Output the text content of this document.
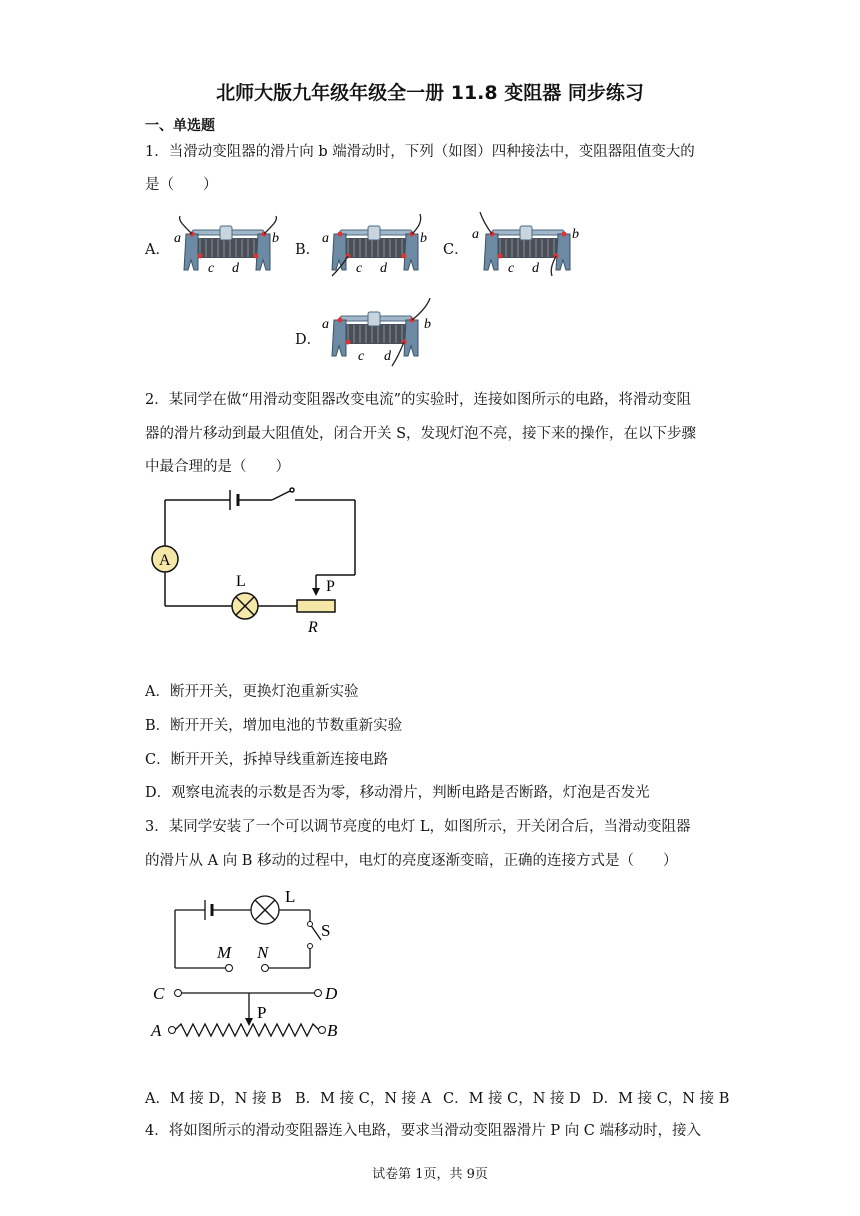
北师大版九年级年级全一册 11.8 变阻器 同步练习
一、单选题
1．当滑动变阻器的滑片向 b 端滑动时，下列（如图）四种接法中，变阻器阻值变大的
是（　　）
A．	B．	C．
D．
a	b
c d
a	b
c d
a	b
c d
a	b
c d
2．某同学在做“用滑动变阻器改变电流”的实验时，连接如图所示的电路，将滑动变阻
器的滑片移动到最大阻值处，闭合开关 S，发现灯泡不亮，接下来的操作，在以下步骤
中最合理的是（　　）
A
L	P
R
A．断开开关，更换灯泡重新实验
B．断开开关，增加电池的节数重新实验
C．断开开关，拆掉导线重新连接电路
D．观察电流表的示数是否为零，移动滑片，判断电路是否断路，灯泡是否发光
3．某同学安装了一个可以调节亮度的电灯 L，如图所示，开关闭合后，当滑动变阻器
的滑片从 A 向 B 移动的过程中，电灯的亮度逐渐变暗，正确的连接方式是（　　）
L
S
M N
C	D
P
A	B
A．M 接 D，N 接 B B．M 接 C，N 接 A C．M 接 C，N 接 D D．M 接 C，N 接 B
4．将如图所示的滑动变阻器连入电路，要求当滑动变阻器滑片 P 向 C 端移动时，接入
试卷第 1页，共 9页
